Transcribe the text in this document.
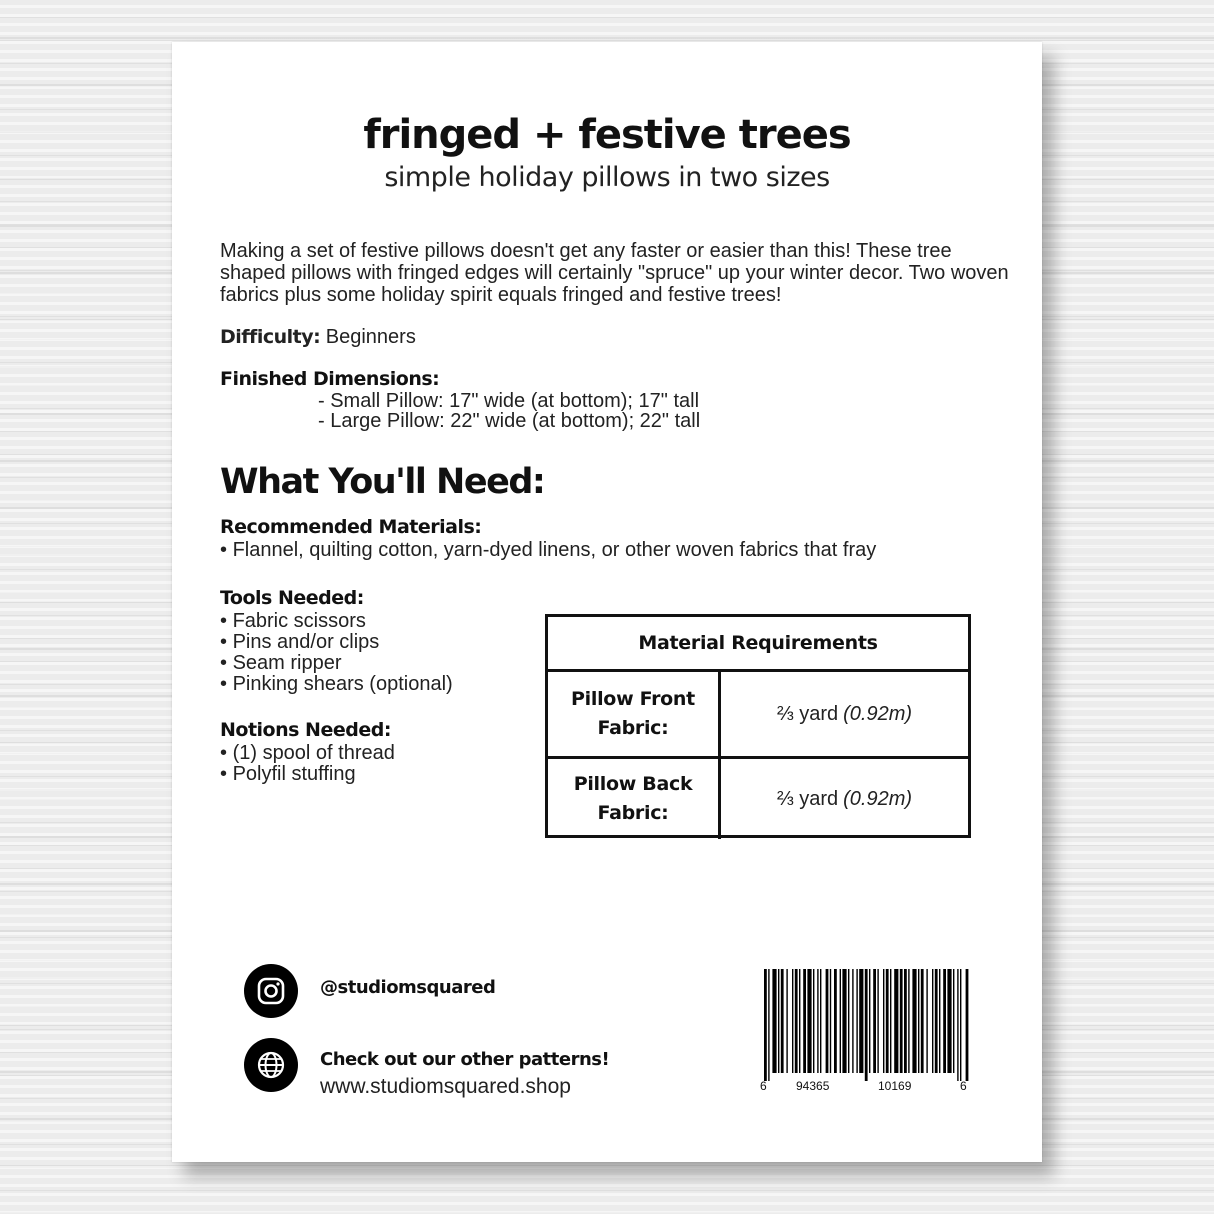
fringed + festive trees
simple holiday pillows in two sizes
Making a set of festive pillows doesn't get any faster or easier than this! These tree shaped pillows with fringed edges will certainly "spruce" up your winter decor. Two woven fabrics plus some holiday spirit equals fringed and festive trees!
Difficulty: Beginners
Finished Dimensions:
- Small Pillow: 17" wide (at bottom); 17" tall
- Large Pillow: 22" wide (at bottom); 22" tall
What You'll Need:
Recommended Materials:
• Flannel, quilting cotton, yarn-dyed linens, or other woven fabrics that fray
Tools Needed:
• Fabric scissors
• Pins and/or clips
• Seam ripper
• Pinking shears (optional)
Notions Needed:
• (1) spool of thread
• Polyfil stuffing
Material Requirements
Pillow Front
Fabric:
⅔ yard (0.92m)
Pillow Back
Fabric:
⅔ yard (0.92m)
@studiomsquared
Check out our other patterns!
www.studiomsquared.shop	6 94365	10169	6
